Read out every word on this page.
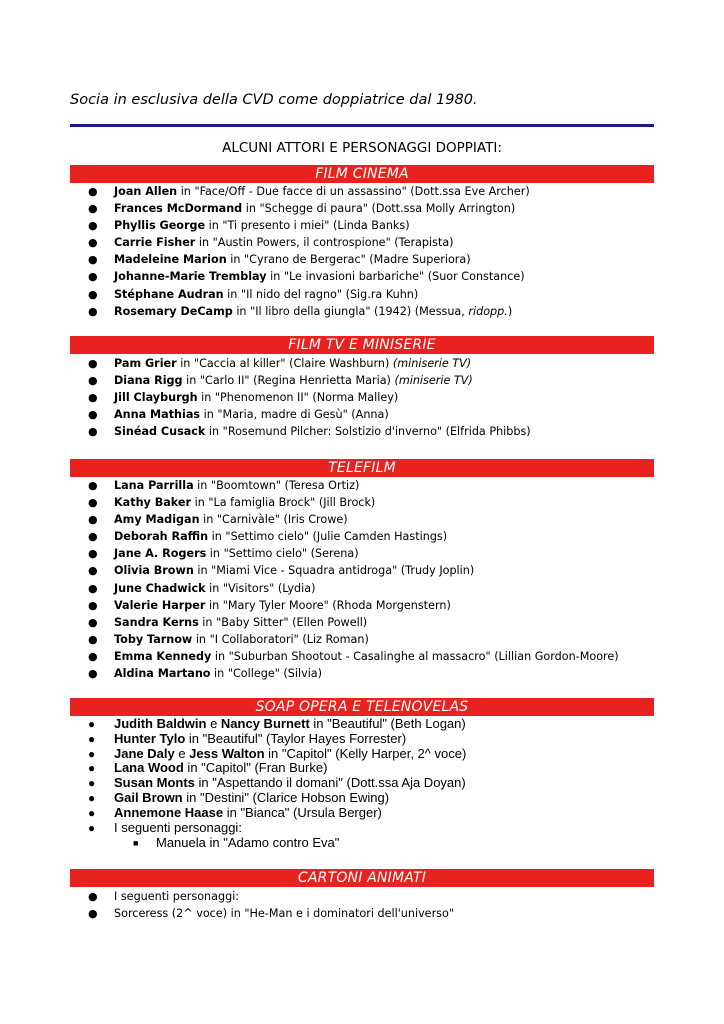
Socia in esclusiva della CVD come doppiatrice dal 1980.
ALCUNI ATTORI E PERSONAGGI DOPPIATI:
FILM CINEMA
● Joan Allen in "Face/Off - Due facce di un assassino" (Dott.ssa Eve Archer)
● Frances McDormand in "Schegge di paura" (Dott.ssa Molly Arrington)
● Phyllis George in "Ti presento i miei" (Linda Banks)
● Carrie Fisher in "Austin Powers, il controspione" (Terapista)
● Madeleine Marion in "Cyrano de Bergerac" (Madre Superiora)
● Johanne-Marie Tremblay in "Le invasioni barbariche" (Suor Constance)
● Stéphane Audran in "Il nido del ragno" (Sig.ra Kuhn)
● Rosemary DeCamp in "Il libro della giungla" (1942) (Messua, ridopp.)
FILM TV E MINISERIE
● Pam Grier in "Caccia al killer" (Claire Washburn) (miniserie TV)
● Diana Rigg in "Carlo II" (Regina Henrietta Maria) (miniserie TV)
● Jill Clayburgh in "Phenomenon II" (Norma Malley)
● Anna Mathias in "Maria, madre di Gesù" (Anna)
● Sinéad Cusack in "Rosemund Pilcher: Solstizio d'inverno" (Elfrida Phibbs)
TELEFILM
● Lana Parrilla in "Boomtown" (Teresa Ortiz)
● Kathy Baker in "La famiglia Brock" (Jill Brock)
● Amy Madigan in "Carnivàle" (Iris Crowe)
● Deborah Raffin in "Settimo cielo" (Julie Camden Hastings)
● Jane A. Rogers in "Settimo cielo" (Serena)
● Olivia Brown in "Miami Vice - Squadra antidroga" (Trudy Joplin)
● June Chadwick in "Visitors" (Lydia)
● Valerie Harper in "Mary Tyler Moore" (Rhoda Morgenstern)
● Sandra Kerns in "Baby Sitter" (Ellen Powell)
● Toby Tarnow in "I Collaboratori" (Liz Roman)
● Emma Kennedy in "Suburban Shootout - Casalinghe al massacro" (Lillian Gordon-Moore)
● Aldina Martano in "College" (Silvia)
SOAP OPERA E TELENOVELAS
● Judith Baldwin e Nancy Burnett in "Beautiful" (Beth Logan)
● Hunter Tylo in "Beautiful" (Taylor Hayes Forrester)
● Jane Daly e Jess Walton in "Capitol" (Kelly Harper, 2^ voce)
● Lana Wood in "Capitol" (Fran Burke)
● Susan Monts in "Aspettando il domani" (Dott.ssa Aja Doyan)
● Gail Brown in "Destini" (Clarice Hobson Ewing)
● Annemone Haase in "Bianca" (Ursula Berger)
● I seguenti personaggi:
■ Manuela in "Adamo contro Eva"
CARTONI ANIMATI
● I seguenti personaggi:
● Sorceress (2^ voce) in "He-Man e i dominatori dell'universo"
